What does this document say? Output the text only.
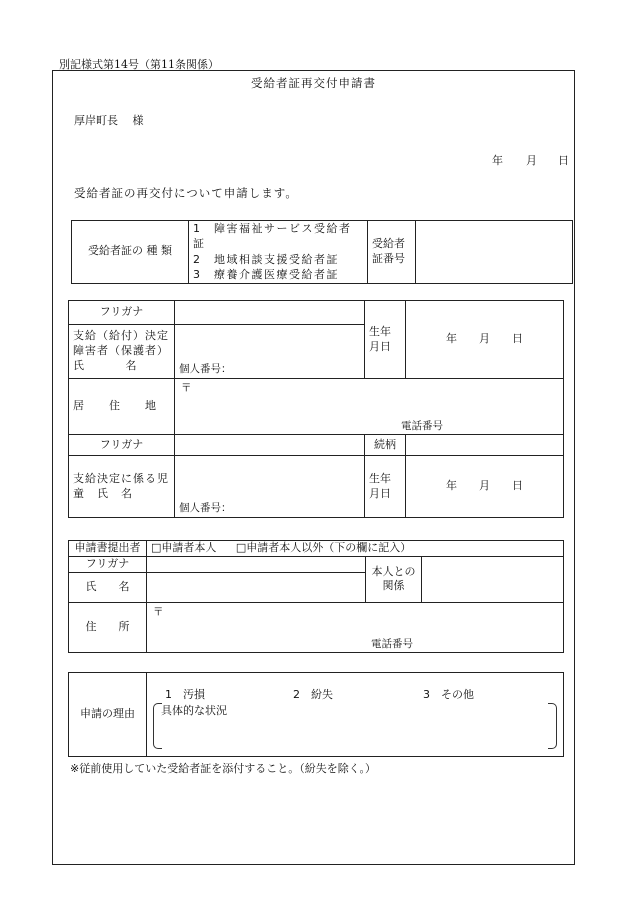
別記様式第14号（第11条関係）
受給者証再交付申請書
厚岸町長　 様
年 月 日
受給者証の再交付について申請します。
受給者証の 種 類	
1　障害福祉サービス受給者証
2　地域相談支援受給者証
3　療養介護医療受給者証
	受給者証番号	
フリガナ		生年月日	年　　月　　日
支給（給付）決定障害者（保護者）氏　　　 名	個人番号：		

居　　住　　地	〒
電話番号		

フリガナ		続柄	
支給決定に係る児　童　氏　名	個人番号：	生年月日	年　　月　　日
申請書提出者	□申請者本人 □申請者本人以外（下の欄に記入）		
フリガナ		本人との関係	
氏　　名			
住　　所	〒
電話番号		
申請の理由	
1　汚損	2　紛失	3　その他
具体的な状況
※従前使用していた受給者証を添付すること。（紛失を除く。）
